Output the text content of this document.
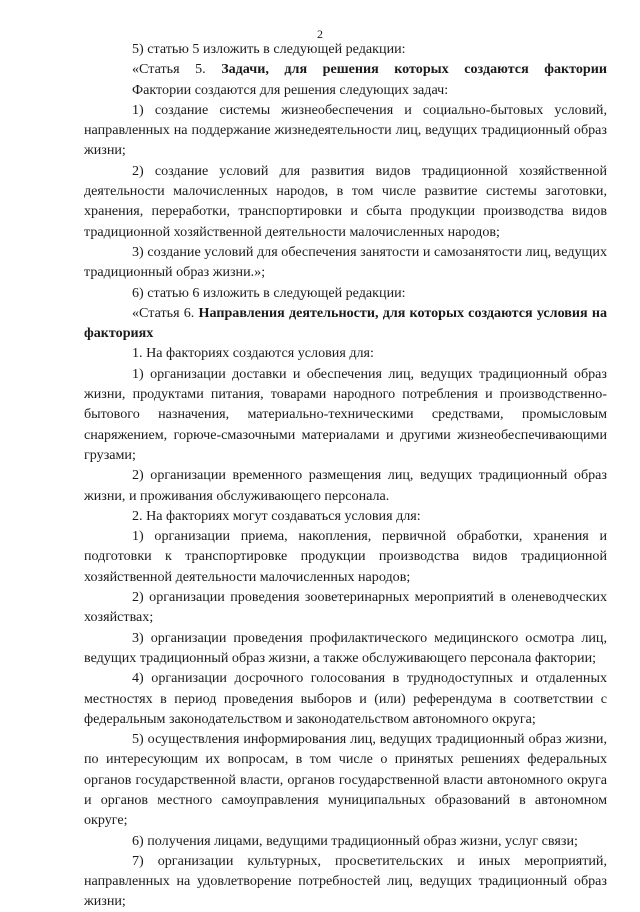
2

5) статью 5 изложить в следующей редакции:

«Статья 5. Задачи, для решения которых создаются фактории

Фактории создаются для решения следующих задач:

1) создание системы жизнеобеспечения и социально-бытовых условий, направленных на поддержание жизнедеятельности лиц, ведущих традиционный образ жизни;

2) создание условий для развития видов традиционной хозяйственной деятельности малочисленных народов, в том числе развитие системы заготовки, хранения, переработки, транспортировки и сбыта продукции производства видов традиционной хозяйственной деятельности малочисленных народов;

3) создание условий для обеспечения занятости и самозанятости лиц, ведущих традиционный образ жизни.»;

6) статью 6 изложить в следующей редакции:

«Статья 6. Направления деятельности, для которых создаются условия на факториях

1. На факториях создаются условия для:

1) организации доставки и обеспечения лиц, ведущих традиционный образ жизни, продуктами питания, товарами народного потребления и производственно-бытового назначения, материально-техническими средствами, промысловым снаряжением, горюче-смазочными материалами и другими жизнеобеспечивающими грузами;

2) организации временного размещения лиц, ведущих традиционный образ жизни, и проживания обслуживающего персонала.

2. На факториях могут создаваться условия для:

1) организации приема, накопления, первичной обработки, хранения и подготовки к транспортировке продукции производства видов традиционной хозяйственной деятельности малочисленных народов;

2) организации проведения зооветеринарных мероприятий в оленеводческих хозяйствах;

3) организации проведения профилактического медицинского осмотра лиц, ведущих традиционный образ жизни, а также обслуживающего персонала фактории;

4) организации досрочного голосования в труднодоступных и отдаленных местностях в период проведения выборов и (или) референдума в соответствии с федеральным законодательством и законодательством автономного округа;

5) осуществления информирования лиц, ведущих традиционный образ жизни, по интересующим их вопросам, в том числе о принятых решениях федеральных органов государственной власти, органов государственной власти автономного округа и органов местного самоуправления муниципальных образований в автономном округе;

6) получения лицами, ведущими традиционный образ жизни, услуг связи;

7) организации культурных, просветительских и иных мероприятий, направленных на удовлетворение потребностей лиц, ведущих традиционный образ жизни;
